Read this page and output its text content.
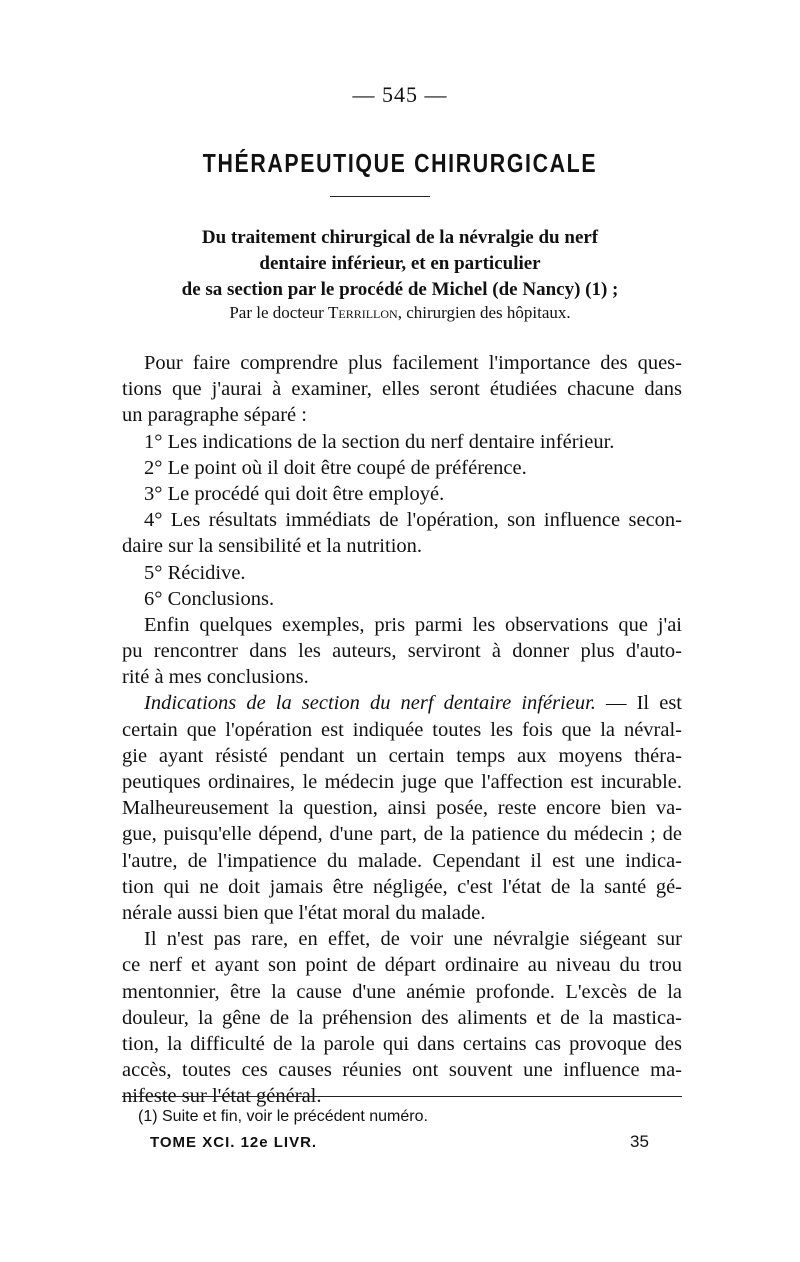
— 545 —
THÉRAPEUTIQUE CHIRURGICALE
Du traitement chirurgical de la névralgie du nerf
dentaire inférieur, et en particulier
de sa section par le procédé de Michel (de Nancy) (1) ;
Par le docteur Terrillon, chirurgien des hôpitaux.
Pour faire comprendre plus facilement l'importance des ques-
tions que j'aurai à examiner, elles seront étudiées chacune dans
un paragraphe séparé :
1° Les indications de la section du nerf dentaire inférieur.
2° Le point où il doit être coupé de préférence.
3° Le procédé qui doit être employé.
4° Les résultats immédiats de l'opération, son influence secon-
daire sur la sensibilité et la nutrition.
5° Récidive.
6° Conclusions.
Enfin quelques exemples, pris parmi les observations que j'ai
pu rencontrer dans les auteurs, serviront à donner plus d'auto-
rité à mes conclusions.
Indications de la section du nerf dentaire inférieur. — Il est
certain que l'opération est indiquée toutes les fois que la névral-
gie ayant résisté pendant un certain temps aux moyens théra-
peutiques ordinaires, le médecin juge que l'affection est incurable.
Malheureusement la question, ainsi posée, reste encore bien va-
gue, puisqu'elle dépend, d'une part, de la patience du médecin ; de
l'autre, de l'impatience du malade. Cependant il est une indica-
tion qui ne doit jamais être négligée, c'est l'état de la santé gé-
nérale aussi bien que l'état moral du malade.
Il n'est pas rare, en effet, de voir une névralgie siégeant sur
ce nerf et ayant son point de départ ordinaire au niveau du trou
mentonnier, être la cause d'une anémie profonde. L'excès de la
douleur, la gêne de la préhension des aliments et de la mastica-
tion, la difficulté de la parole qui dans certains cas provoque des
accès, toutes ces causes réunies ont souvent une influence ma-
nifeste sur l'état général.
(1) Suite et fin, voir le précédent numéro.
TOME XCI. 12e LIVR.	35
